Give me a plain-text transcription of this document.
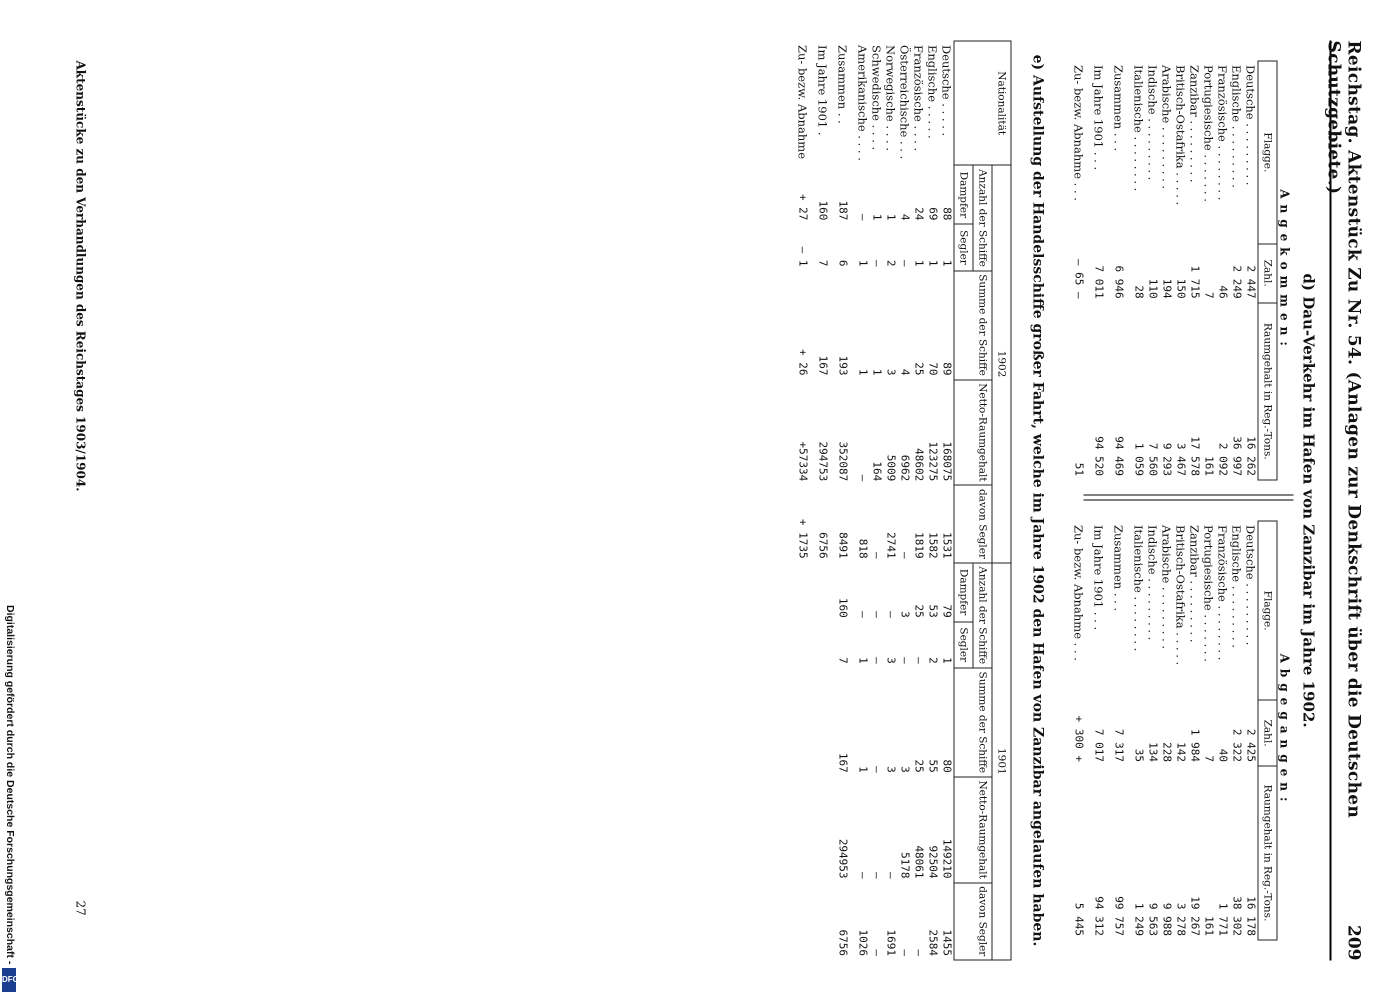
Reichstag. Aktenstück Zu Nr. 54. (Anlagen zur Denkschrift über die Deutschen Schutzgebiete.)
209
d) Dau-Verkehr im Hafen von Zanzibar im Jahre 1902.
Angekommen:		
Flagge.	Zahl.	Raumgehalt in Reg.-Tons.
Deutsche . . . . . . . . .	2 447	16 262
Englische . . . . . . . . .	2 249	36 997
Französische . . . . . . . .	46	2 092
Portugiesische . . . . . . .	7	161
Zanzibar . . . . . . . . .	1 715	17 578
Britisch-Ostafrika . . . . .	150	3 467
Arabische . . . . . . . . .	194	9 293
Indische . . . . . . . . .	110	7 560
Italienische . . . . . . . .	28	1 059
Zusammen . . .	6 946	94 469
Im Jahre 1901 . . .	7 011	94 520
Zu- bezw. Abnahme . . .	— 65 —	51
Abgegangen:		
Flagge.	Zahl.	Raumgehalt in Reg.-Tons.
Deutsche . . . . . . . . .	2 425	16 178
Englische . . . . . . . . .	2 322	38 302
Französische . . . . . . . .	40	1 771
Portugiesische . . . . . . .	7	161
Zanzibar . . . . . . . . .	1 984	19 267
Britisch-Ostafrika . . . . .	142	3 278
Arabische . . . . . . . . .	228	9 988
Indische . . . . . . . . .	134	9 563
Italienische . . . . . . . .	35	1 249
Zusammen . . .	7 317	99 757
Im Jahre 1901 . . .	7 017	94 312
Zu- bezw. Abnahme . . .	+ 300 +	5 445
e) Aufstellung der Handelsschiffe großer Fahrt, welche im Jahre 1902 den Hafen von Zanzibar angelaufen haben.
Nationalität	1902					1901				
	Anzahl der Schiffe		Summe der Schiffe	Netto-Raumgehalt	davon Segler	Anzahl der Schiffe		Summe der Schiffe	Netto-Raumgehalt	davon Segler
	Dampfer	Segler				Dampfer	Segler			
Deutsche . . . . .	88	1	89	168075	1531	79	1	80	149210	1455
Englische . . . . .	69	1	70	123275	1582	53	2	55	92504	2584
Französische . . . .	24	1	25	48602	1819	25	—	25	48061	—
Österreichische . . .	4	—	4	6962	—	3	—	3	5178	—
Norwegische . . . .	1	2	3	5009	2741	—	3	3	—	1691
Schwedische . . . .	1	—	1	164	—	—	—	—	—	—
Amerikanische . . . .	—	1	1	—	818	—	1	1	—	1026
Zusammen . .	187	6	193	352087	8491	160	7	167	294953	6756
Im Jahre 1901 .	160	7	167	294753	6756					
Zu- bezw. Abnahme	+ 27	— 1	+ 26	+57334	+ 1735					
Aktenstücke zu den Verhandlungen des Reichstages 1903/1904.
27
Digitalisierung gefördert durch die Deutsche Forschungsgemeinschaft -
DFG
